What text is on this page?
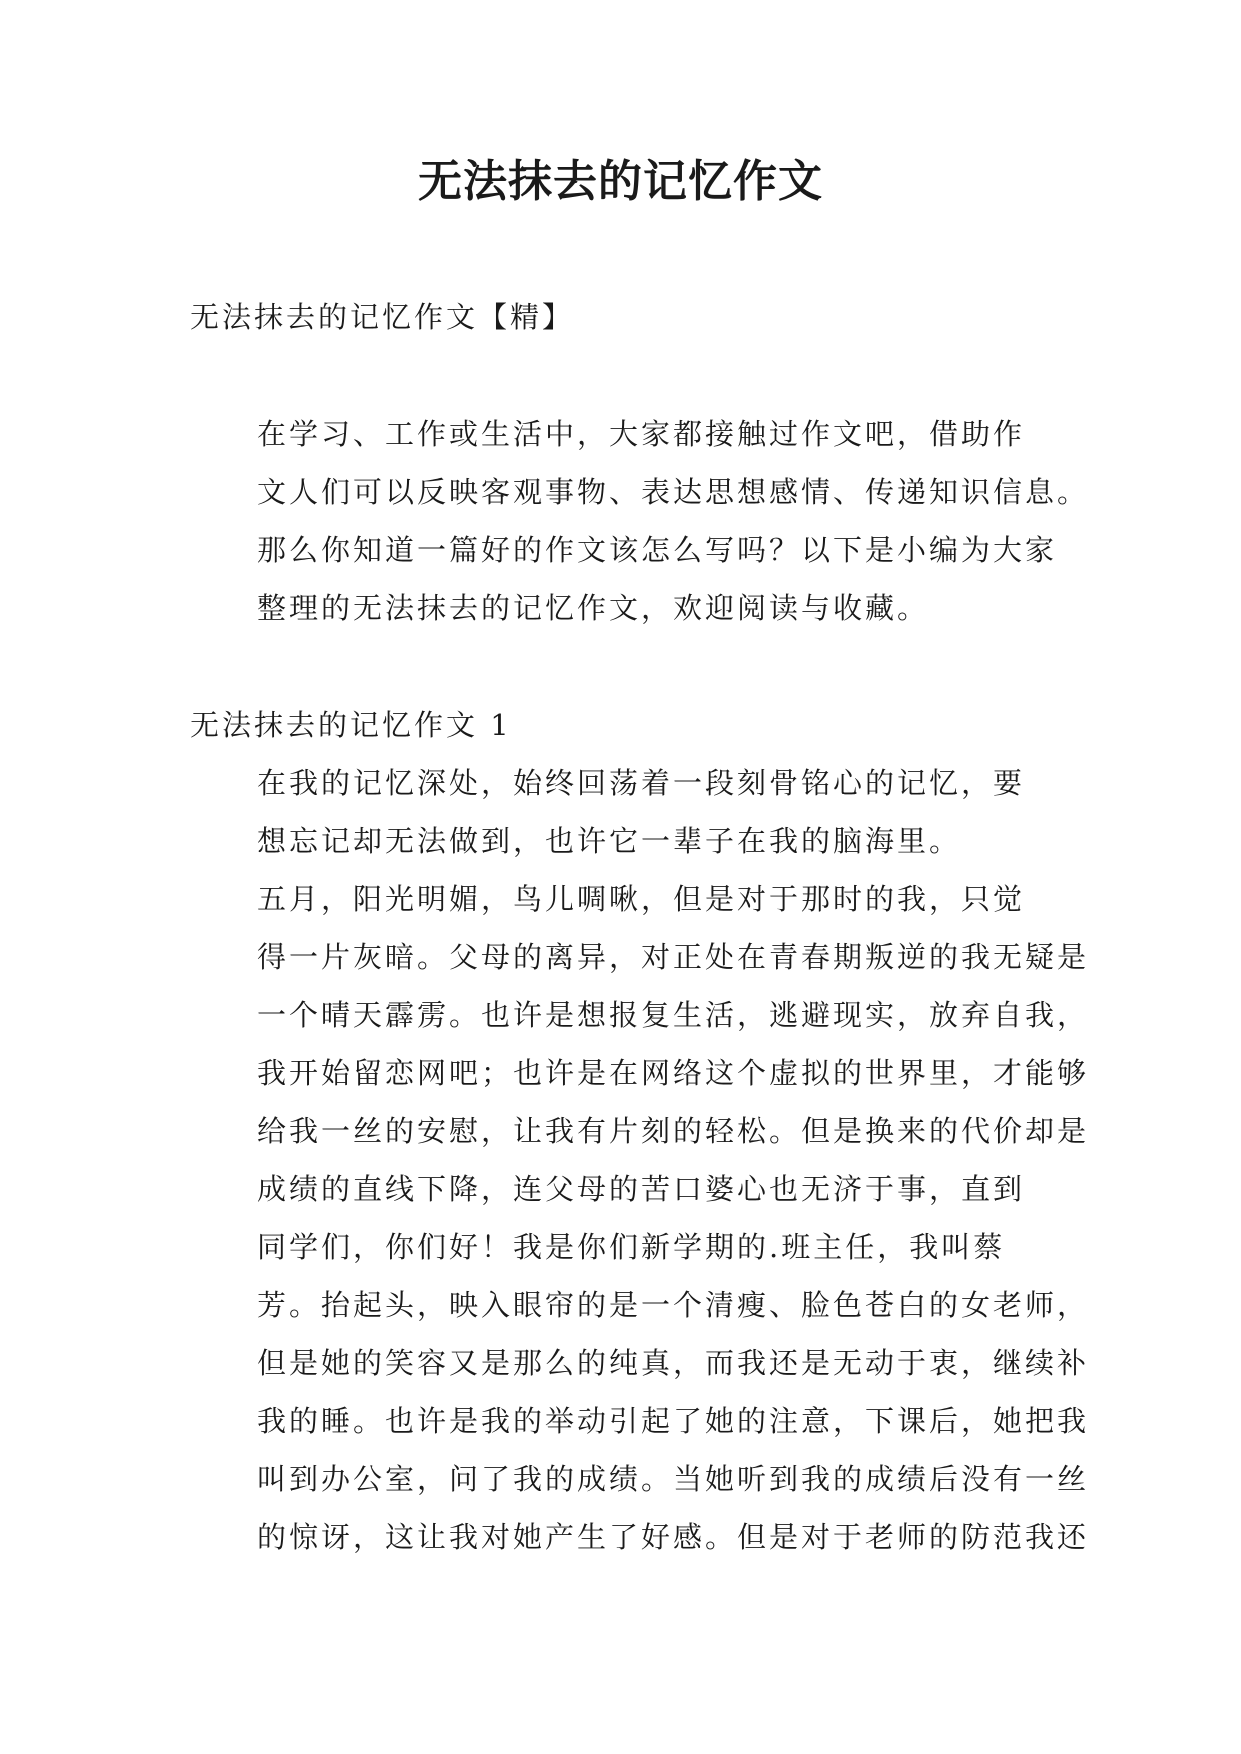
无法抹去的记忆作文

无法抹去的记忆作文【精】

在学习、工作或生活中，大家都接触过作文吧，借助作
文人们可以反映客观事物、表达思想感情、传递知识信息。
那么你知道一篇好的作文该怎么写吗？以下是小编为大家
整理的无法抹去的记忆作文，欢迎阅读与收藏。

无法抹去的记忆作文 1

在我的记忆深处，始终回荡着一段刻骨铭心的记忆，要
想忘记却无法做到，也许它一辈子在我的脑海里。

五月，阳光明媚，鸟儿啁啾，但是对于那时的我，只觉
得一片灰暗。父母的离异，对正处在青春期叛逆的我无疑是
一个晴天霹雳。也许是想报复生活，逃避现实，放弃自我，
我开始留恋网吧；也许是在网络这个虚拟的世界里，才能够
给我一丝的安慰，让我有片刻的轻松。但是换来的代价却是
成绩的直线下降，连父母的苦口婆心也无济于事，直到

同学们，你们好！我是你们新学期的.班主任，我叫蔡
芳。抬起头，映入眼帘的是一个清瘦、脸色苍白的女老师，
但是她的笑容又是那么的纯真，而我还是无动于衷，继续补
我的睡。也许是我的举动引起了她的注意，下课后，她把我
叫到办公室，问了我的成绩。当她听到我的成绩后没有一丝
的惊讶，这让我对她产生了好感。但是对于老师的防范我还
